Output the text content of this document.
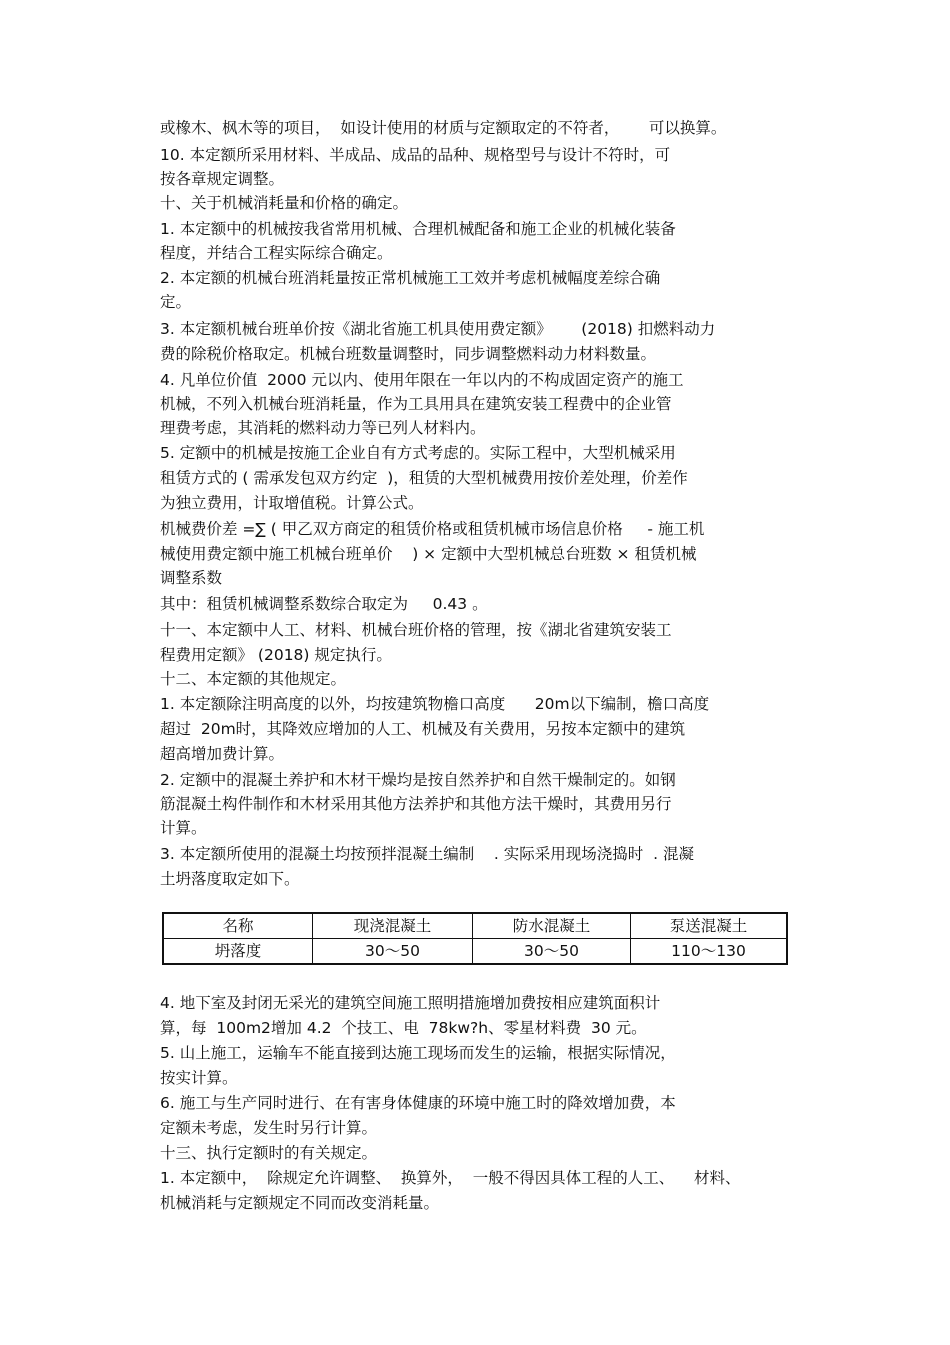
或橡木、枫木等的项目，  如设计使用的材质与定额取定的不符者，      可以换算。
10. 本定额所采用材料、半成品、成品的品种、规格型号与设计不符时，可
按各章规定调整。
十、关于机械消耗量和价格的确定。
1. 本定额中的机械按我省常用机械、合理机械配备和施工企业的机械化装备
程度，并结合工程实际综合确定。
2. 本定额的机械台班消耗量按正常机械施工工效并考虑机械幅度差综合确
定。
3. 本定额机械台班单价按《湖北省施工机具使用费定额》      (2018) 扣燃料动力
费的除税价格取定。机械台班数量调整时，同步调整燃料动力材料数量。
4. 凡单位价值  2000 元以内、使用年限在一年以内的不构成固定资产的施工
机械，不列入机械台班消耗量，作为工具用具在建筑安装工程费中的企业管
理费考虑，其消耗的燃料动力等已列人材料内。
5. 定额中的机械是按施工企业自有方式考虑的。实际工程中，大型机械采用
租赁方式的 ( 需承发包双方约定  )，租赁的大型机械费用按价差处理，价差作
为独立费用，计取增值税。计算公式。
机械费价差 =∑ ( 甲乙双方商定的租赁价格或租赁机械市场信息价格     - 施工机
械使用费定额中施工机械台班单价    ) × 定额中大型机械总台班数 × 租赁机械
调整系数
其中：租赁机械调整系数综合取定为     0.43 。
十一、本定额中人工、材料、机械台班价格的管理，按《湖北省建筑安装工
程费用定额》 (2018) 规定执行。
十二、本定额的其他规定。
1. 本定额除注明高度的以外，均按建筑物檐口高度      20m以下编制，檐口高度
超过  20m时，其降效应增加的人工、机械及有关费用，另按本定额中的建筑
超高增加费计算。
2. 定额中的混凝土养护和木材干燥均是按自然养护和自然干燥制定的。如钢
筋混凝土构件制作和木材采用其他方法养护和其他方法干燥时，其费用另行
计算。
3. 本定额所使用的混凝土均按预拌混凝土编制    . 实际采用现场浇捣时  . 混凝
土坍落度取定如下。
名称	现浇混凝土	防水混凝土	泵送混凝土
坍落度	30～50	30～50	110～130
4. 地下室及封闭无采光的建筑空间施工照明措施增加费按相应建筑面积计
算，每  100m2增加 4.2  个技工、电  78kw?h、零星材料费  30 元。
5. 山上施工，运输车不能直接到达施工现场而发生的运输，根据实际情况，
按实计算。
6. 施工与生产同时进行、在有害身体健康的环境中施工时的降效增加费，本
定额未考虑，发生时另行计算。
十三、执行定额时的有关规定。
1. 本定额中，  除规定允许调整、  换算外，  一般不得因具体工程的人工、    材料、
机械消耗与定额规定不同而改变消耗量。
